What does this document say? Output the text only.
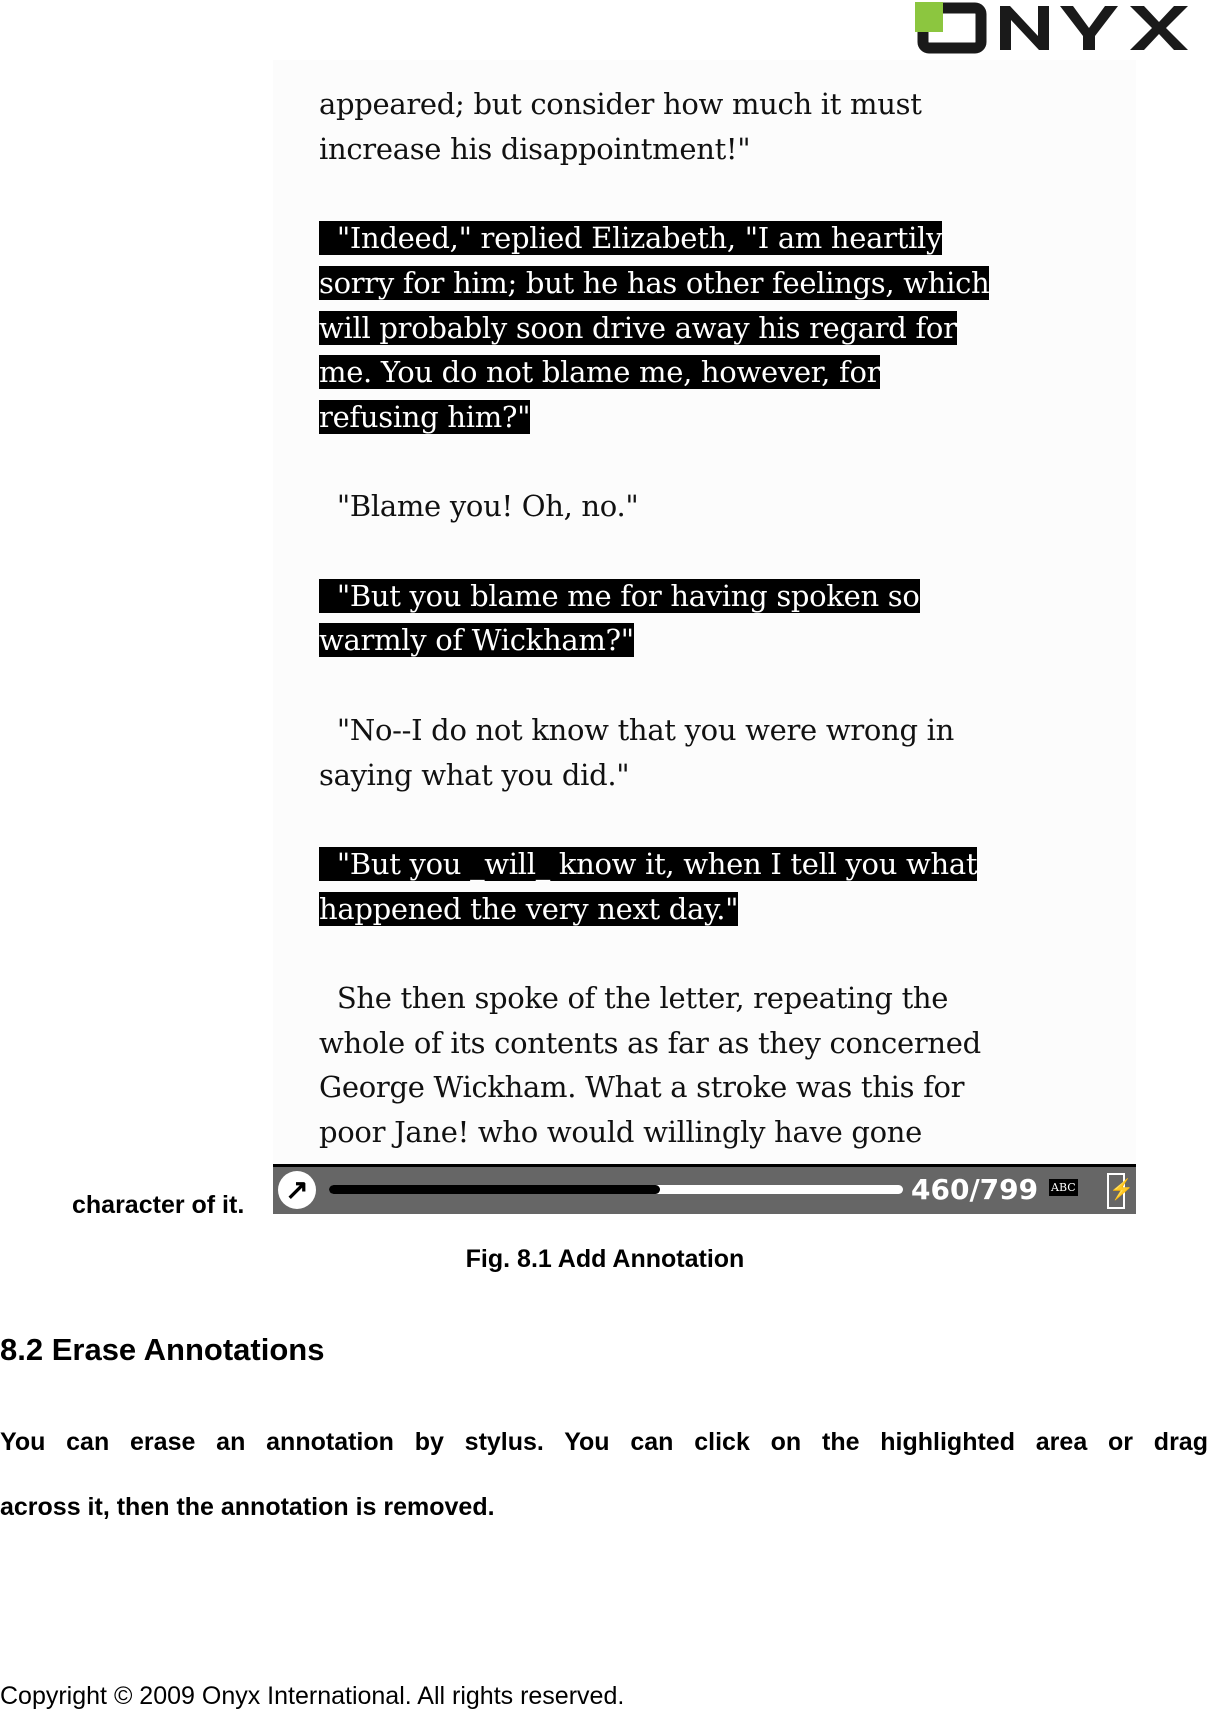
appeared; but consider how much it must
increase his disappointment!"
"Indeed," replied Elizabeth, "I am heartily
sorry for him; but he has other feelings, which
will probably soon drive away his regard for
me. You do not blame me, however, for
refusing him?"
"Blame you! Oh, no."
"But you blame me for having spoken so
warmly of Wickham?"
"No--I do not know that you were wrong in
saying what you did."
"But you _will_ know it, when I tell you what
happened the very next day."
She then spoke of the letter, repeating the
whole of its contents as far as they concerned
George Wickham. What a stroke was this for
poor Jane! who would willingly have gone
↗	460/799 ABC ⚡
character of it.
Fig. 8.1 Add Annotation
8.2 Erase Annotations
You can erase an annotation by stylus. You can click on the highlighted area or drag
across it, then the annotation is removed.
Copyright © 2009 Onyx International. All rights reserved.
